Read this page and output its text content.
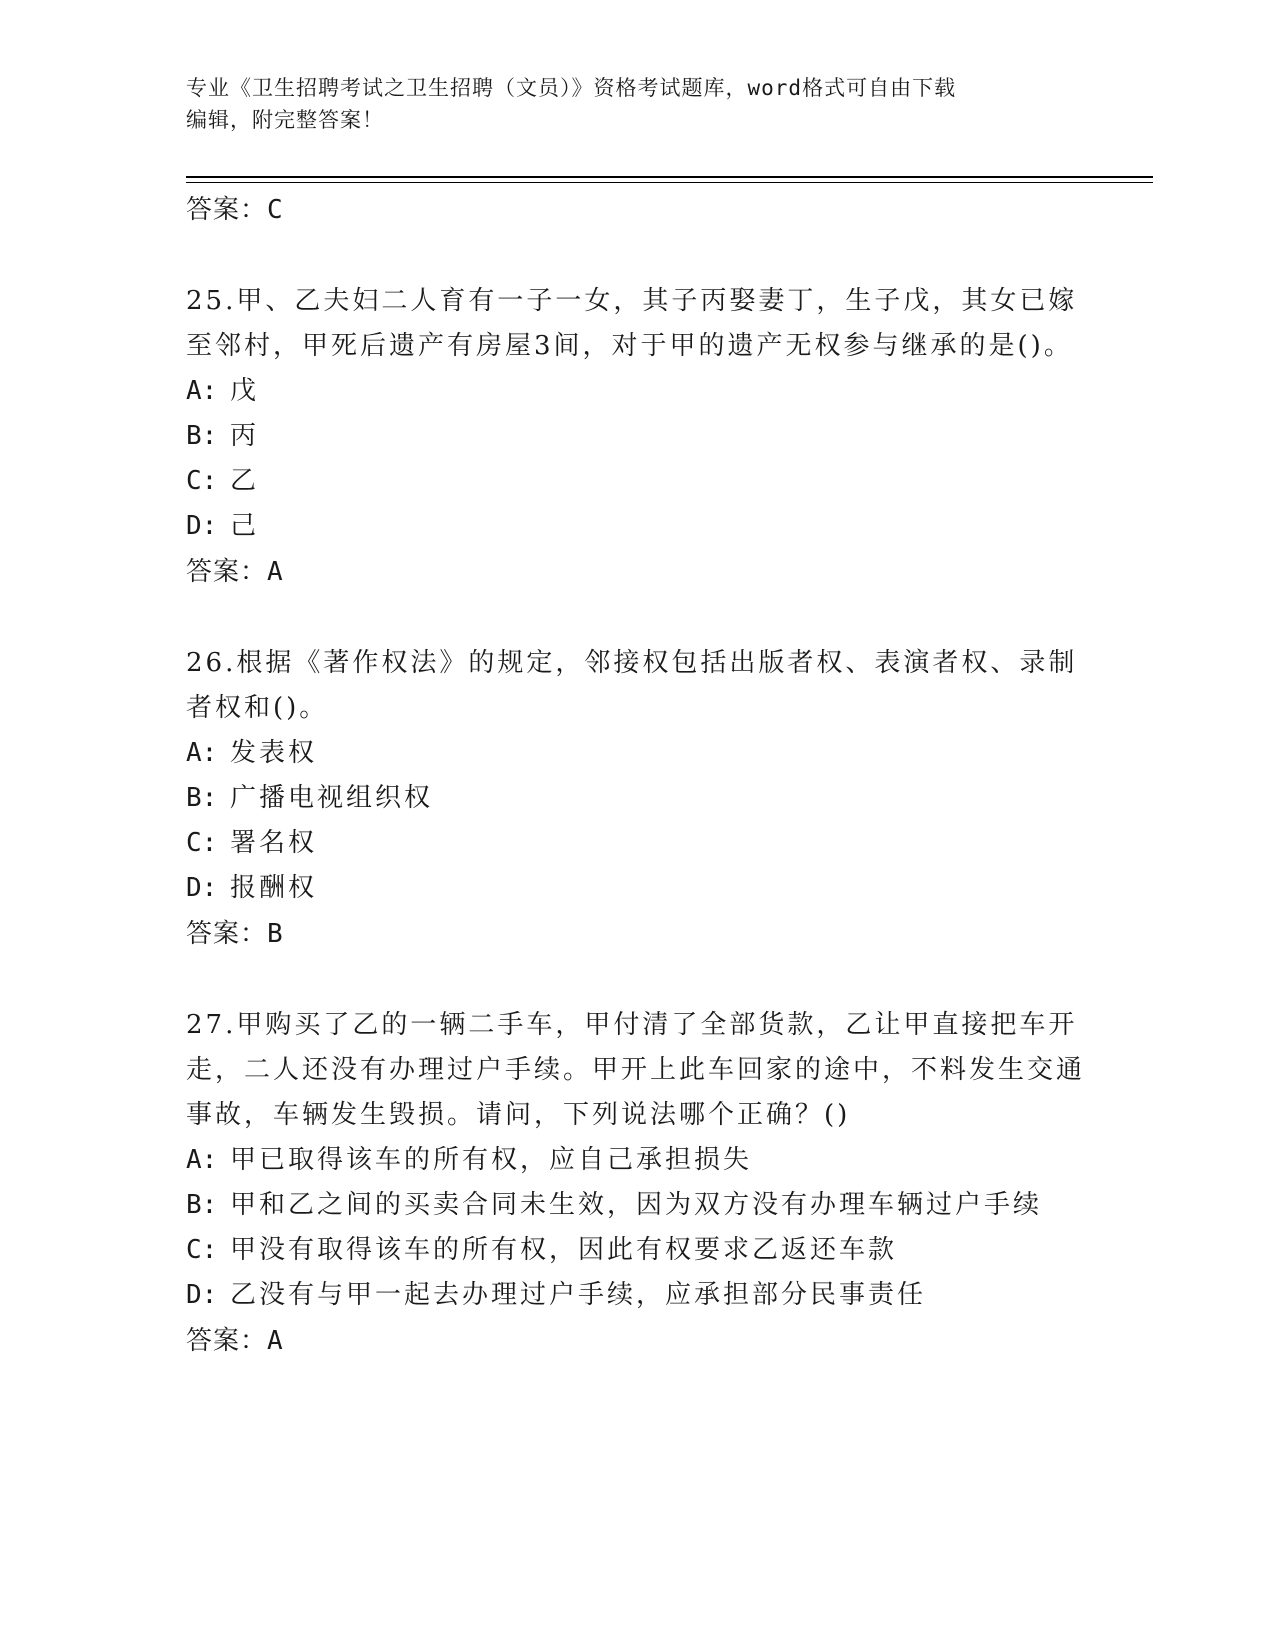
专业《卫生招聘考试之卫生招聘（文员）》资格考试题库，word格式可自由下载
编辑，附完整答案！
答案：C
25.甲、乙夫妇二人育有一子一女，其子丙娶妻丁，生子戊，其女已嫁至邻村，甲死后遗产有房屋3间，对于甲的遗产无权参与继承的是()。
A: 戊
B: 丙
C: 乙
D: 己
答案：A
26.根据《著作权法》的规定，邻接权包括出版者权、表演者权、录制者权和()。
A: 发表权
B: 广播电视组织权
C: 署名权
D: 报酬权
答案：B
27.甲购买了乙的一辆二手车，甲付清了全部货款，乙让甲直接把车开走，二人还没有办理过户手续。甲开上此车回家的途中，不料发生交通事故，车辆发生毁损。请问，下列说法哪个正确？()
A: 甲已取得该车的所有权，应自己承担损失
B: 甲和乙之间的买卖合同未生效，因为双方没有办理车辆过户手续
C: 甲没有取得该车的所有权，因此有权要求乙返还车款
D: 乙没有与甲一起去办理过户手续，应承担部分民事责任
答案：A
